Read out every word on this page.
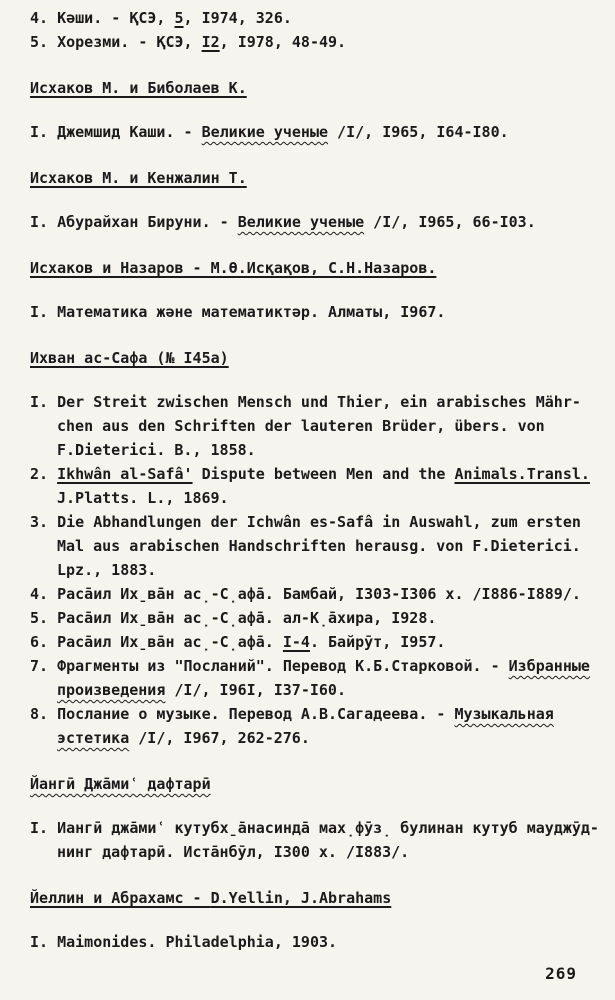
4. Кәши. - ҚСЭ, 5, I974, 326.
5. Хорезми. - ҚСЭ, I2, I978, 48-49.
Исхаков М. и Биболаев К.
I. Джемшид Каши. - Великие ученые /I/, I965, I64-I80.
Исхаков М. и Кенжалин Т.
I. Абурайхан Бируни. - Великие ученые /I/, I965, 66-I03.
Исхаков и Назаров - М.Ө.Исқақов, С.Н.Назаров.
I. Математика және математиктәр. Алматы, I967.
Ихван ас-Сафа (№ I45а)
I. Der Streit zwischen Mensch und Thier, ein arabisches Mähr-
chen aus den Schriften der lauteren Brüder, übers. von
F.Dieterici. B., 1858.
2. Ikhwân al-Safâ' Dispute between Men and the Animals.Transl.
J.Platts. L., 1869.
3. Die Abhandlungen der Ichwân es-Safâ in Auswahl, zum ersten
Mal aus arabischen Handschriften herausg. von F.Dieterici.
Lpz., 1883.
4. Раса̄ил Их̱ва̄н ас̣-С̣афа̄. Бамбай, I303-I306 х. /I886-I889/.
5. Раса̄ил Их̱ва̄н ас̣-С̣афа̄. ал-К̣а̄хира, I928.
6. Раса̄ил Их̱ва̄н ас̣-С̣афа̄. I-4. Байрӯт, I957.
7. Фрагменты из "Посланий". Перевод К.Б.Старковой. - Избранные
произведения /I/, I96I, I37-I60.
8. Послание о музыке. Перевод А.В.Сагадеева. - Музыкальная
эстетика /I/, I967, 262-276.
Йангӣ Джа̄миʿ дафтарӣ
I. Иангӣ джа̄миʿ кутубх̱а̄насинда̄ мах̣фӯз̣ булинан кутуб мауджӯд-
нинг дафтарӣ. Иста̄нбӯл, I300 х. /I883/.
Йеллин и Абрахамс - D.Yellin, J.Abrahams
I. Maimonides. Philadelphia, 1903.
269
